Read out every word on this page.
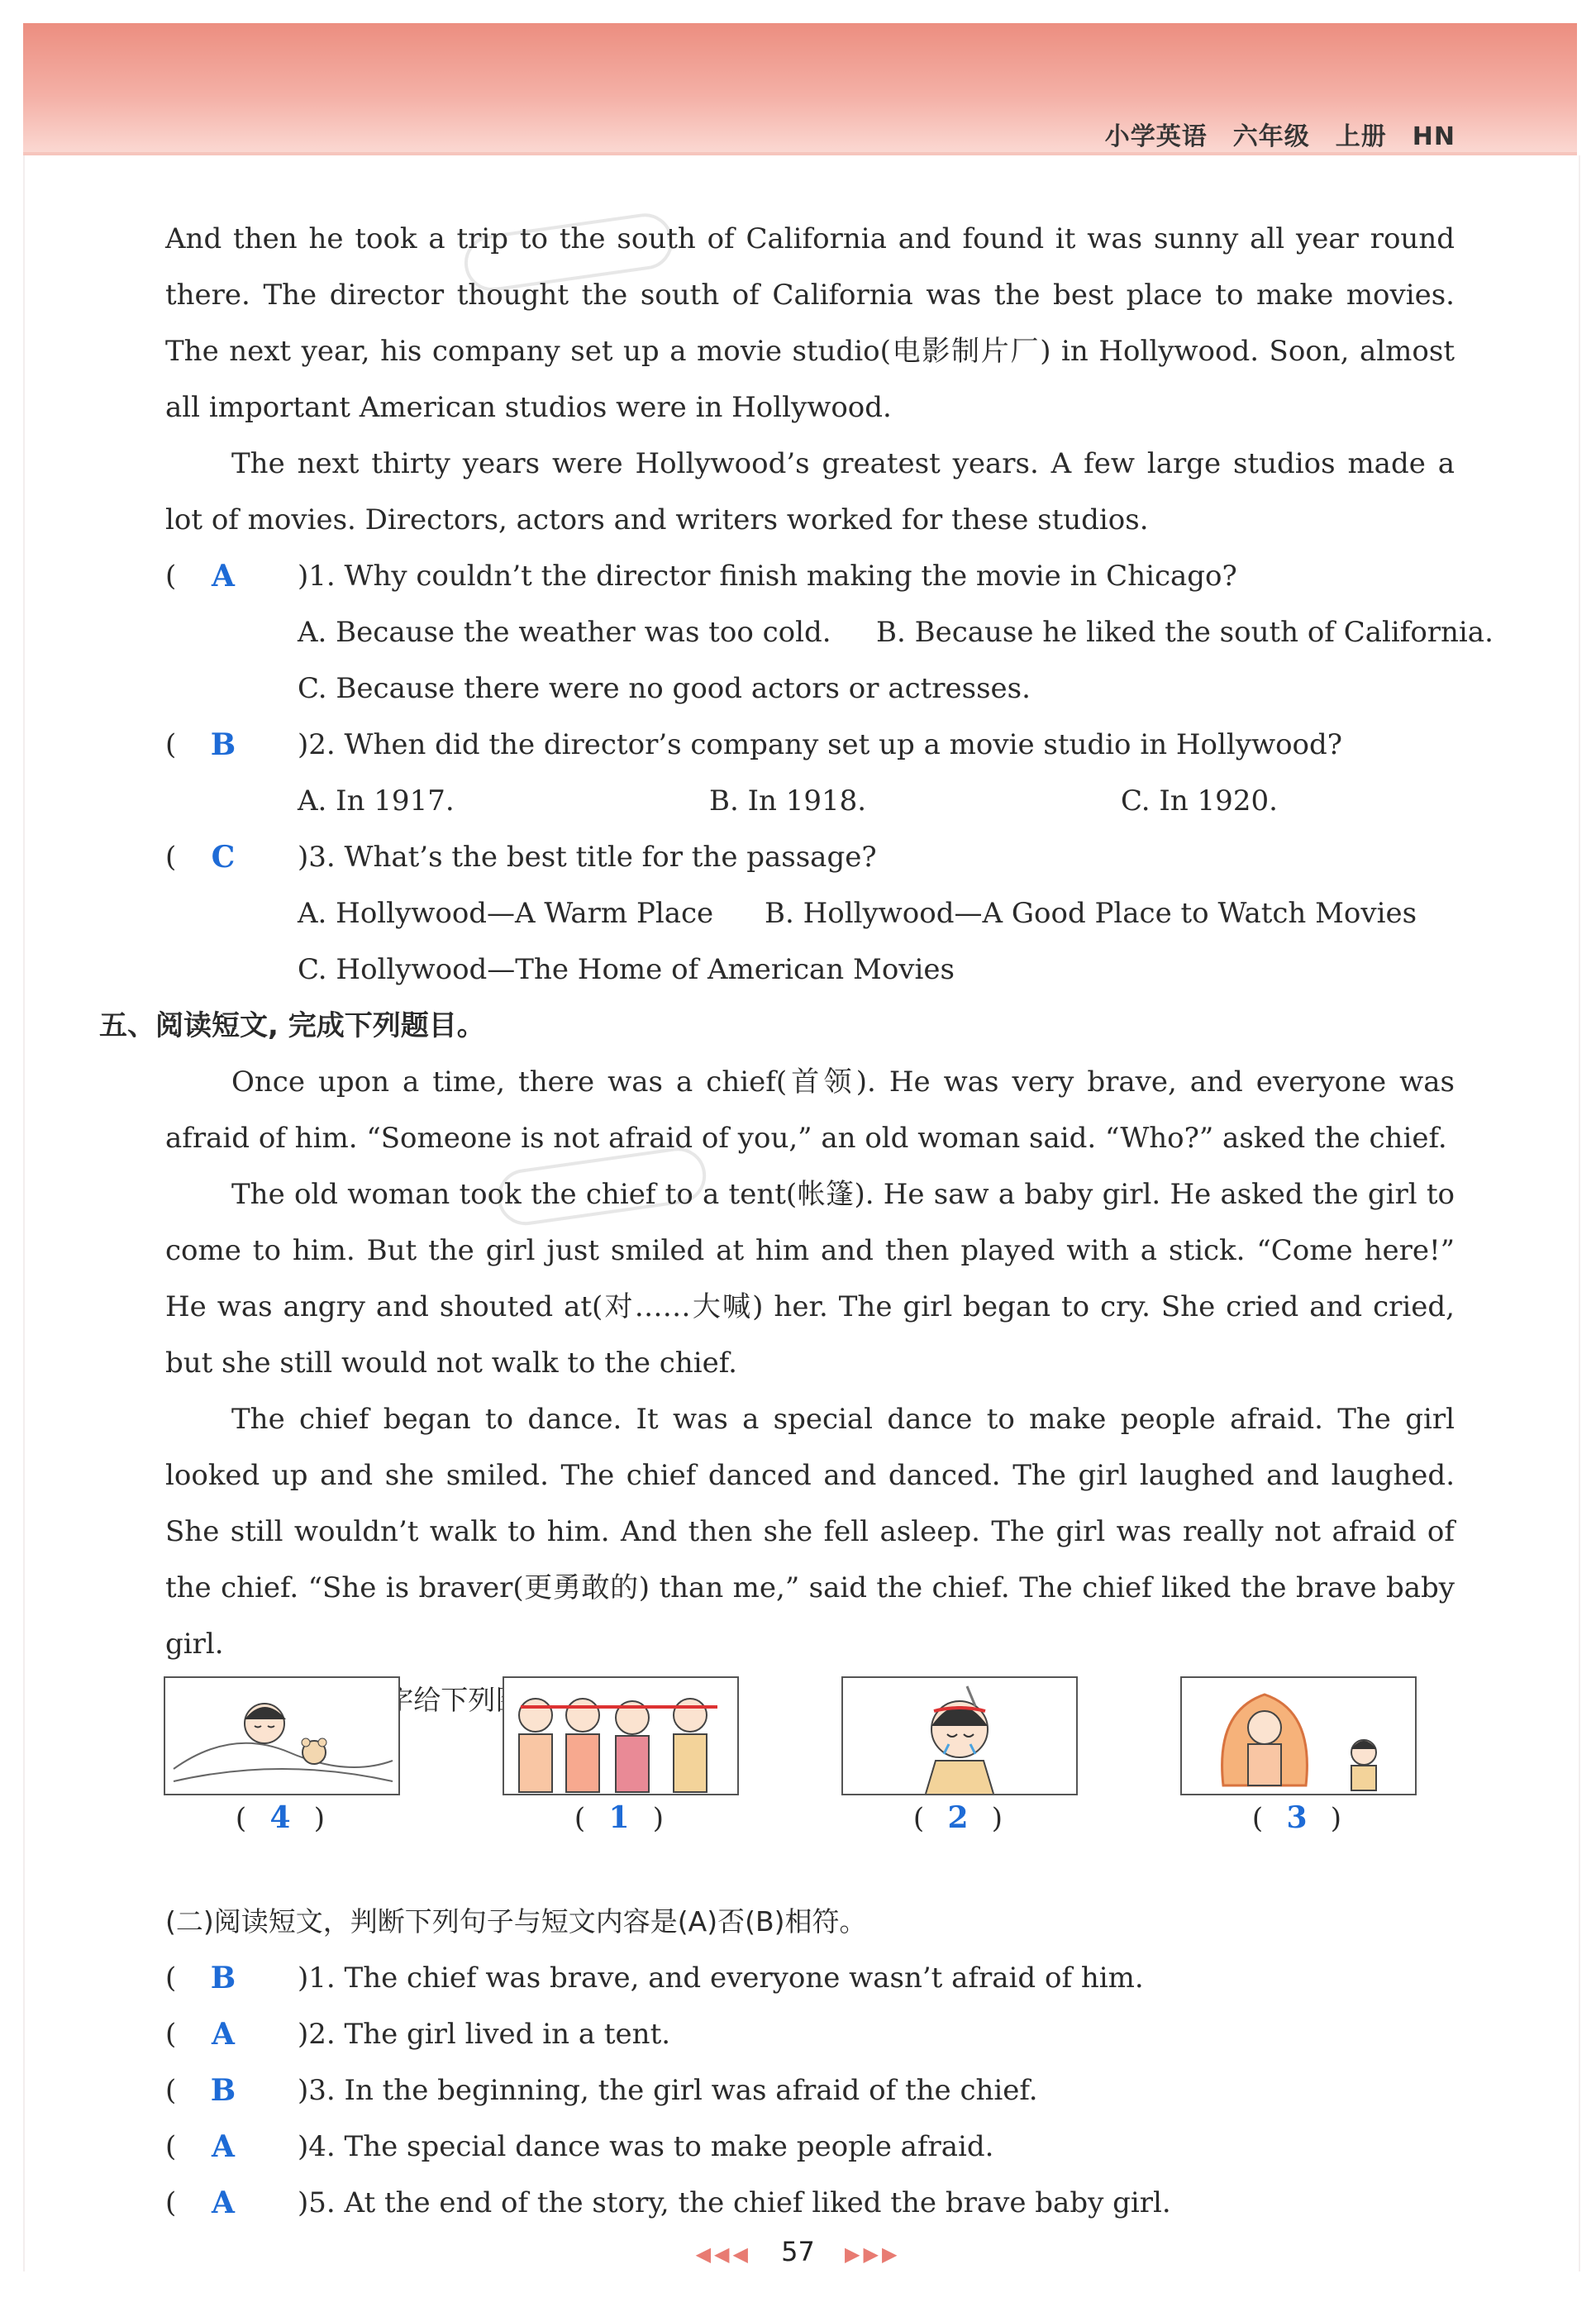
小学英语　六年级　上册　HN

And then he took a trip to the south of California and found it was sunny all year round there. The director thought the south of California was the best place to make movies. The next year, his company set up a movie studio(电影制片厂) in Hollywood. Soon, almost all important American studios were in Hollywood.

The next thirty years were Hollywood’s greatest years. A few large studios made a lot of movies. Directors, actors and writers worked for these studios.

(	A	)1. Why couldn’t the director finish making the movie in Chicago?
A. Because the weather was too cold.	B. Because he liked the south of California.
C. Because there were no good actors or actresses.
(	B	)2. When did the director’s company set up a movie studio in Hollywood?
A. In 1917.	B. In 1918.	C. In 1920.
(	C	)3. What’s the best title for the passage?
A. Hollywood—A Warm Place	B. Hollywood—A Good Place to Watch Movies
C. Hollywood—The Home of American Movies
五、阅读短文, 完成下列题目。

Once upon a time, there was a chief(首领). He was very brave, and everyone was afraid of him. “Someone is not afraid of you,” an old woman said. “Who?” asked the chief.

The old woman took the chief to a tent(帐篷). He saw a baby girl. He asked the girl to come to him. But the girl just smiled at him and then played with a stick. “Come here!” He was angry and shouted at(对……大喊) her. The girl began to cry. She cried and cried, but she still would not walk to the chief.

The chief began to dance. It was a special dance to make people afraid. The girl looked up and she smiled. The chief danced and danced. The girl laughed and laughed. She still wouldn’t walk to him. And then she fell asleep. The girl was really not afraid of the chief. “She is braver(更勇敢的) than me,” said the chief. The chief liked the brave baby girl.

(二)阅读短文，判断下列句子与短文内容是(A)否(B)相符。
(	B	)1. The chief was brave, and everyone wasn’t afraid of him.
(	A	)2. The girl lived in a tent.
(	B	)3. In the beginning, the girl was afraid of the chief.
(	A	)4. The special dance was to make people afraid.
(	A	)5. At the end of the story, the chief liked the brave baby girl.
( 4 )	( 1 )	( 2 )	( 3 )
◀◀◀ 57 ▶▶▶
